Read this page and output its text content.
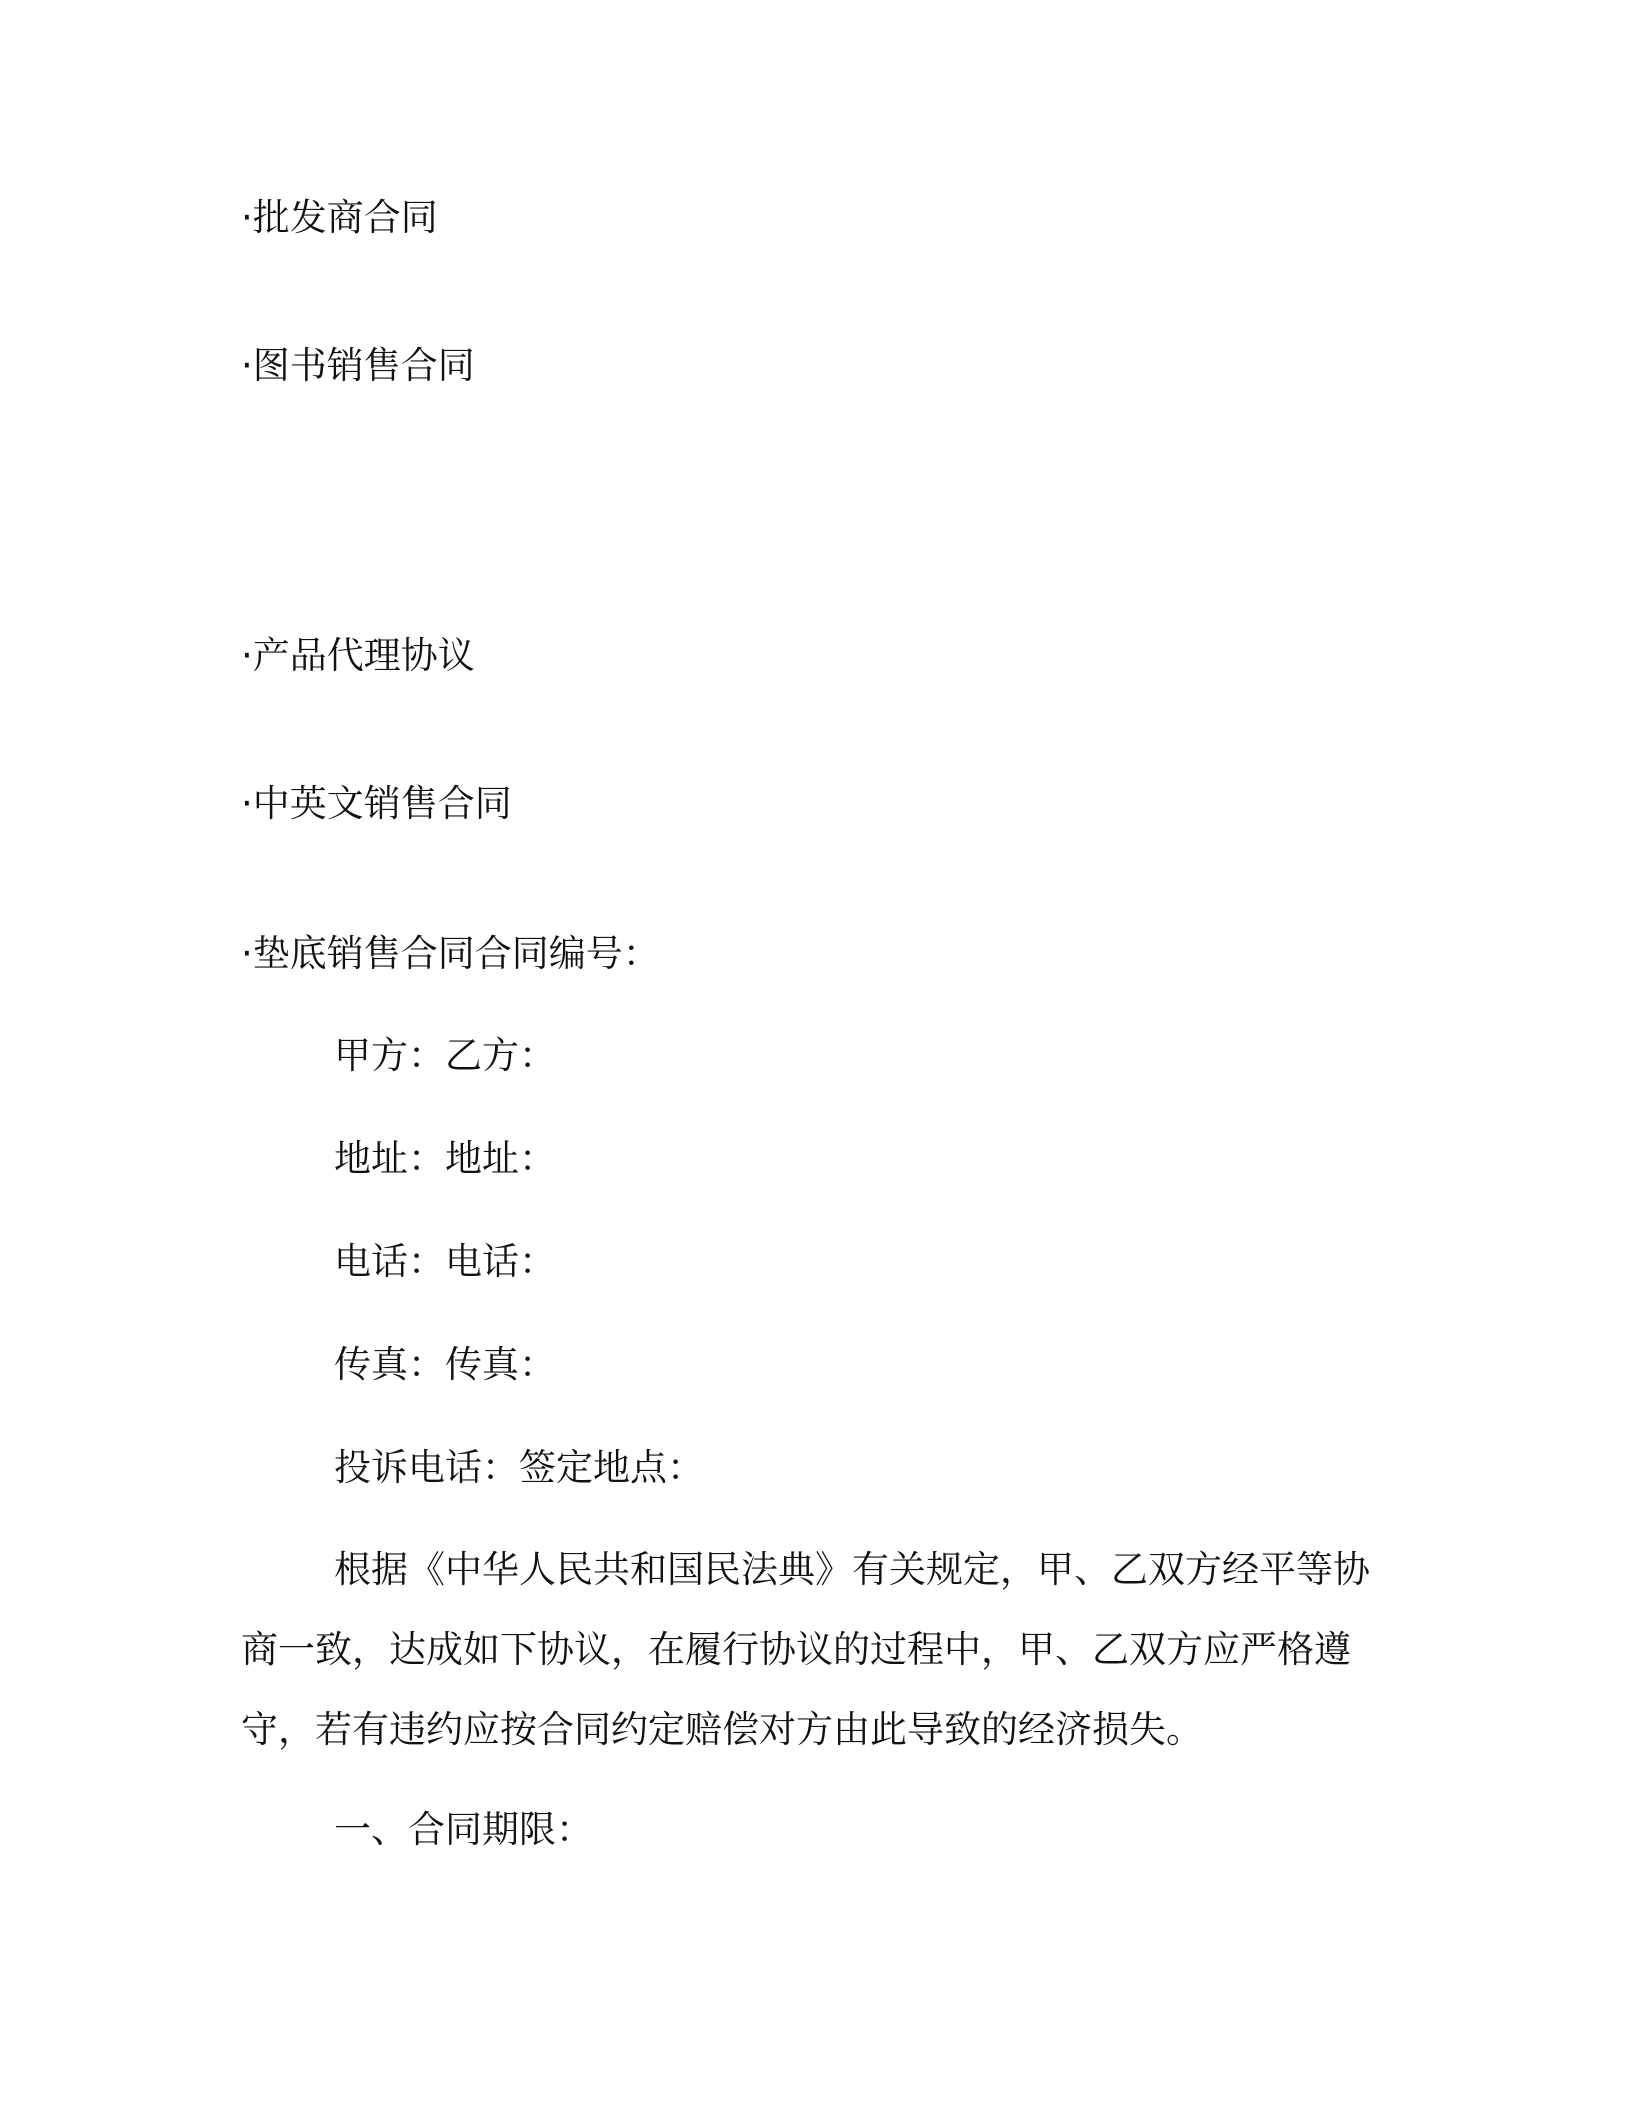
·批发商合同
·图书销售合同
·产品代理协议
·中英文销售合同
·垫底销售合同合同编号：
甲方：乙方：
地址：地址：
电话：电话：
传真：传真：
投诉电话：签定地点：
根据《中华人民共和国民法典》有关规定，甲、乙双方经平等协
商一致，达成如下协议，在履行协议的过程中，甲、乙双方应严格遵
守，若有违约应按合同约定赔偿对方由此导致的经济损失。
一、合同期限：
